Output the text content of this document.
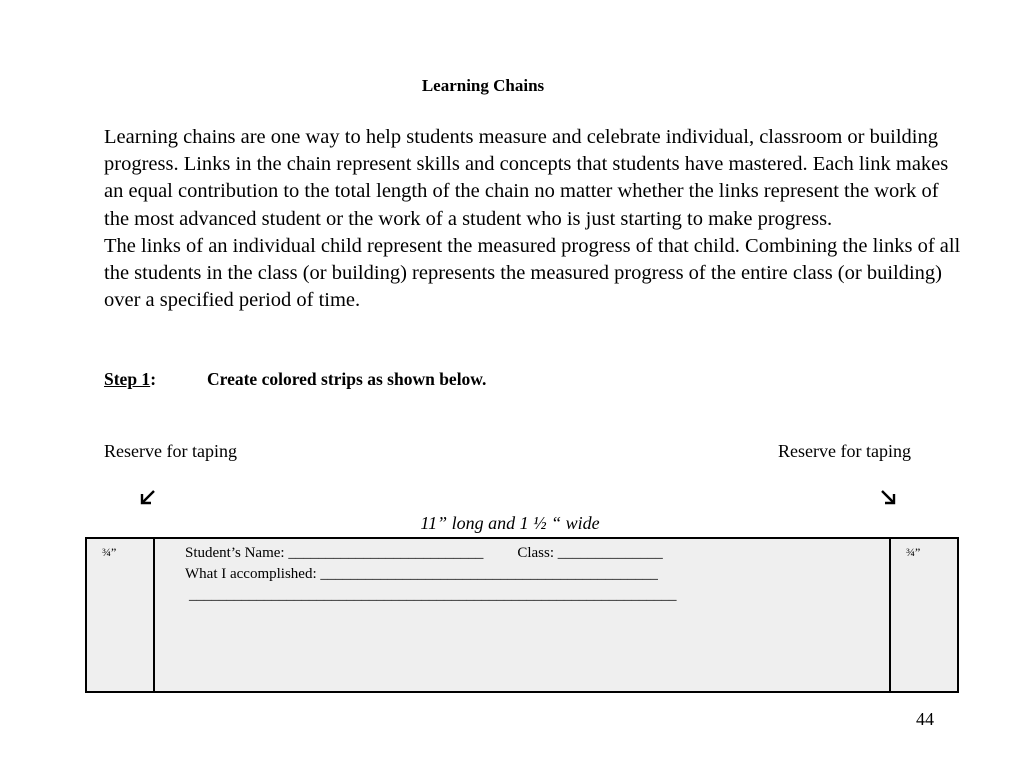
Learning Chains

Learning chains are one way to help students measure and celebrate individual, classroom or building progress. Links in the chain represent skills and concepts that students have mastered. Each link makes an equal contribution to the total length of the chain no matter whether the links represent the work of the most advanced student or the work of a student who is just starting to make progress.

The links of an individual child represent the measured progress of that child. Combining the links of all the students in the class (or building) represents the measured progress of the entire class (or building) over a specified period of time.

Step 1:	Create colored strips as shown below.
Reserve for taping	Reserve for taping
11” long and 1 ½ “ wide
¾”	Student’s Name: __________________________ Class: ______________
What I accomplished: _____________________________________________
_________________________________________________________________
¾”
44
